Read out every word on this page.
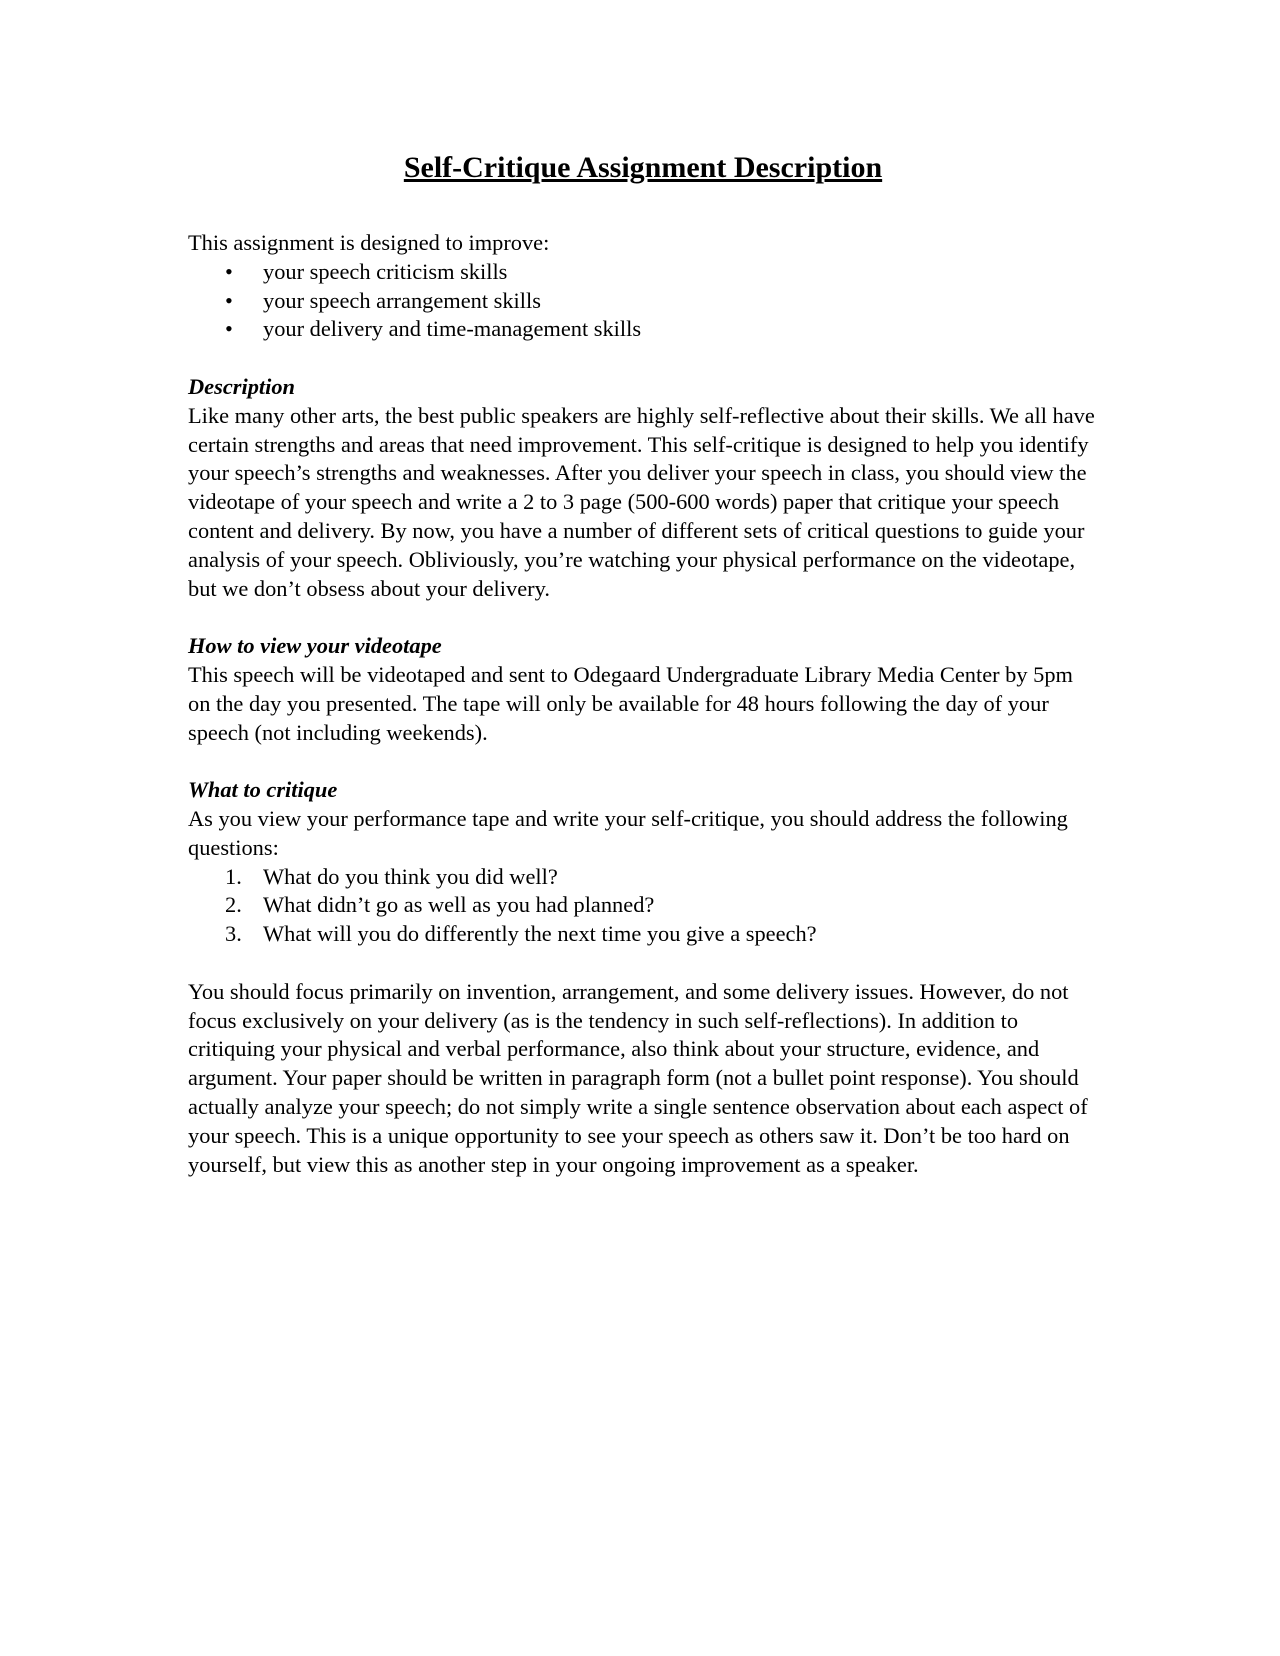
Self-Critique Assignment Description

This assignment is designed to improve:

• your speech criticism skills
• your speech arrangement skills
• your delivery and time-management skills

Description

Like many other arts, the best public speakers are highly self-reflective about their skills. We all have certain strengths and areas that need improvement. This self-critique is designed to help you identify your speech’s strengths and weaknesses. After you deliver your speech in class, you should view the videotape of your speech and write a 2 to 3 page (500-600 words) paper that critique your speech content and delivery. By now, you have a number of different sets of critical questions to guide your analysis of your speech. Obliviously, you’re watching your physical performance on the videotape, but we don’t obsess about your delivery.

How to view your videotape

This speech will be videotaped and sent to Odegaard Undergraduate Library Media Center by 5pm on the day you presented. The tape will only be available for 48 hours following the day of your speech (not including weekends).

What to critique

As you view your performance tape and write your self-critique, you should address the following questions:

1. What do you think you did well?
2. What didn’t go as well as you had planned?
3. What will you do differently the next time you give a speech?

You should focus primarily on invention, arrangement, and some delivery issues. However, do not focus exclusively on your delivery (as is the tendency in such self-reflections). In addition to critiquing your physical and verbal performance, also think about your structure, evidence, and argument. Your paper should be written in paragraph form (not a bullet point response). You should actually analyze your speech; do not simply write a single sentence observation about each aspect of your speech. This is a unique opportunity to see your speech as others saw it. Don’t be too hard on yourself, but view this as another step in your ongoing improvement as a speaker.
